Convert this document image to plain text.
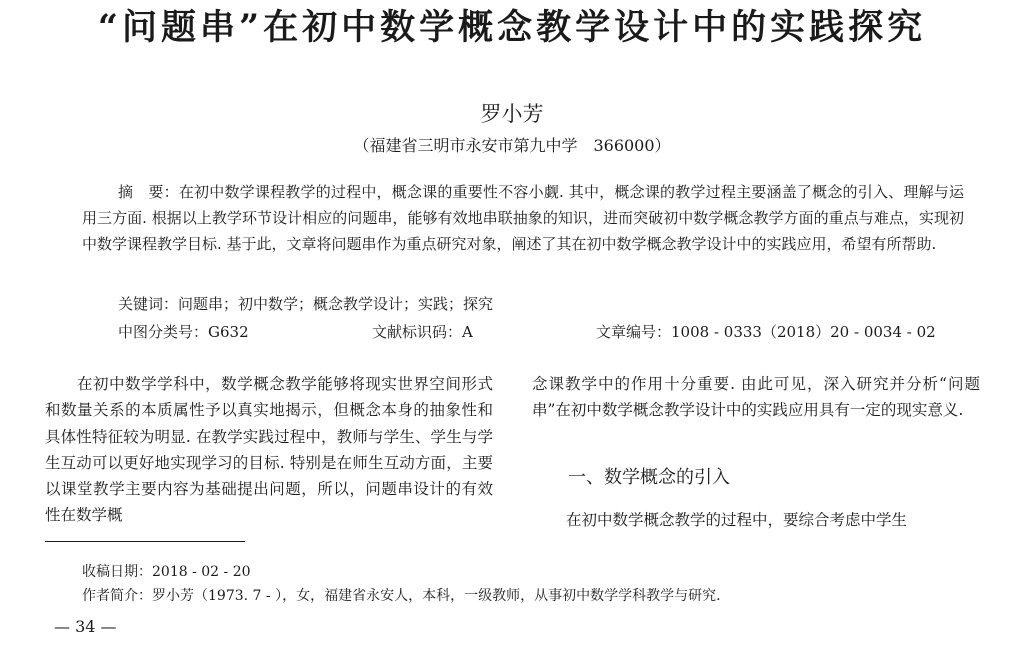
“问题串”在初中数学概念教学设计中的实践探究
罗小芳
（福建省三明市永安市第九中学　366000）

摘　要：在初中数学课程教学的过程中，概念课的重要性不容小觑. 其中，概念课的教学过程主要涵盖了概念的引入、理解与运用三方面. 根据以上教学环节设计相应的问题串，能够有效地串联抽象的知识，进而突破初中数学概念教学方面的重点与难点，实现初中数学课程教学目标. 基于此，文章将问题串作为重点研究对象，阐述了其在初中数学概念教学设计中的实践应用，希望有所帮助.

关键词：问题串；初中数学；概念教学设计；实践；探究
中图分类号：G632	文献标识码：A	文章编号：1008 - 0333（2018）20 - 0034 - 02
在初中数学学科中，数学概念教学能够将现实世界空间形式和数量关系的本质属性予以真实地揭示，但概念本身的抽象性和具体性特征较为明显. 在教学实践过程中，教师与学生、学生与学生互动可以更好地实现学习的目标. 特别是在师生互动方面，主要以课堂教学主要内容为基础提出问题，所以，问题串设计的有效性在数学概
念课教学中的作用十分重要. 由此可见，深入研究并分析“问题串”在初中数学概念教学设计中的实践应用具有一定的现实意义.
一、数学概念的引入
在初中数学概念教学的过程中，要综合考虑中学生
收稿日期：2018 - 02 - 20
作者简介：罗小芳（1973. 7 - ），女，福建省永安人，本科，一级教师，从事初中数学学科教学与研究.
— 34 —
